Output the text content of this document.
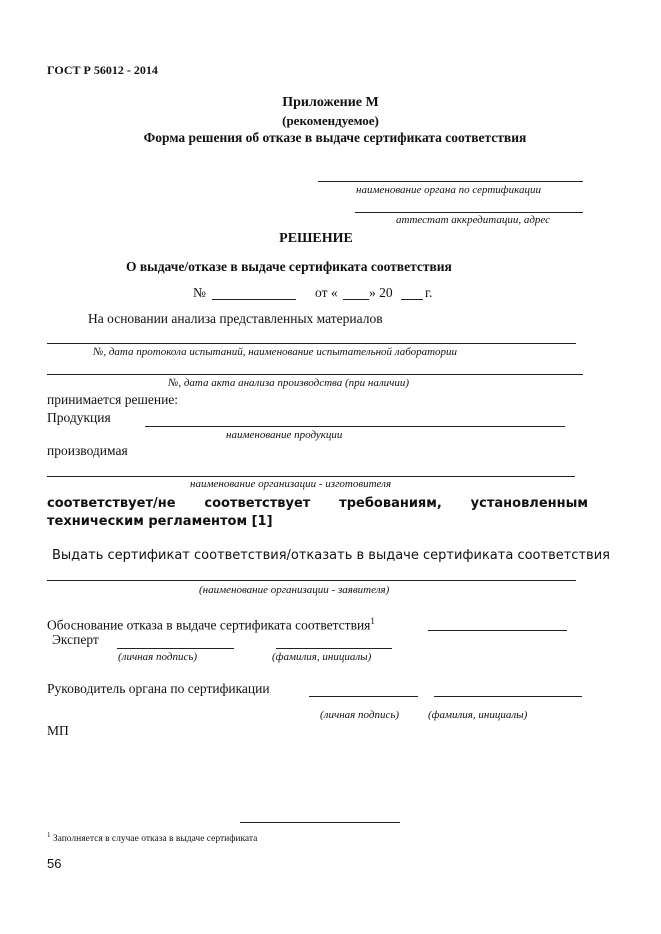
ГОСТ Р 56012 - 2014
Приложение М
(рекомендуемое)
Форма решения об отказе в выдаче сертификата соответствия
наименование органа по сертификации
аттестат аккредитации, адрес
РЕШЕНИЕ
О выдаче/отказе в выдаче сертификата соответствия
№	от « » 20 г.
На основании анализа представленных материалов
№, дата протокола испытаний, наименование испытательной лаборатории
№, дата акта анализа производства (при наличии)
принимается решение:
Продукция
наименование продукции
производимая
наименование организации - изготовителя
соответствует/не соответствует требованиям, установленным техническим регламентом [1]
Выдать сертификат соответствия/отказать в выдаче сертификата соответствия
(наименование организации - заявителя)
Обоснование отказа в выдаче сертификата соответствия$^1$
Эксперт
(личная подпись)	(фамилия, инициалы)
Руководитель органа по сертификации
(личная подпись)	(фамилия, инициалы)
МП
$^1$ Заполняется в случае отказа в выдаче сертификата
56
